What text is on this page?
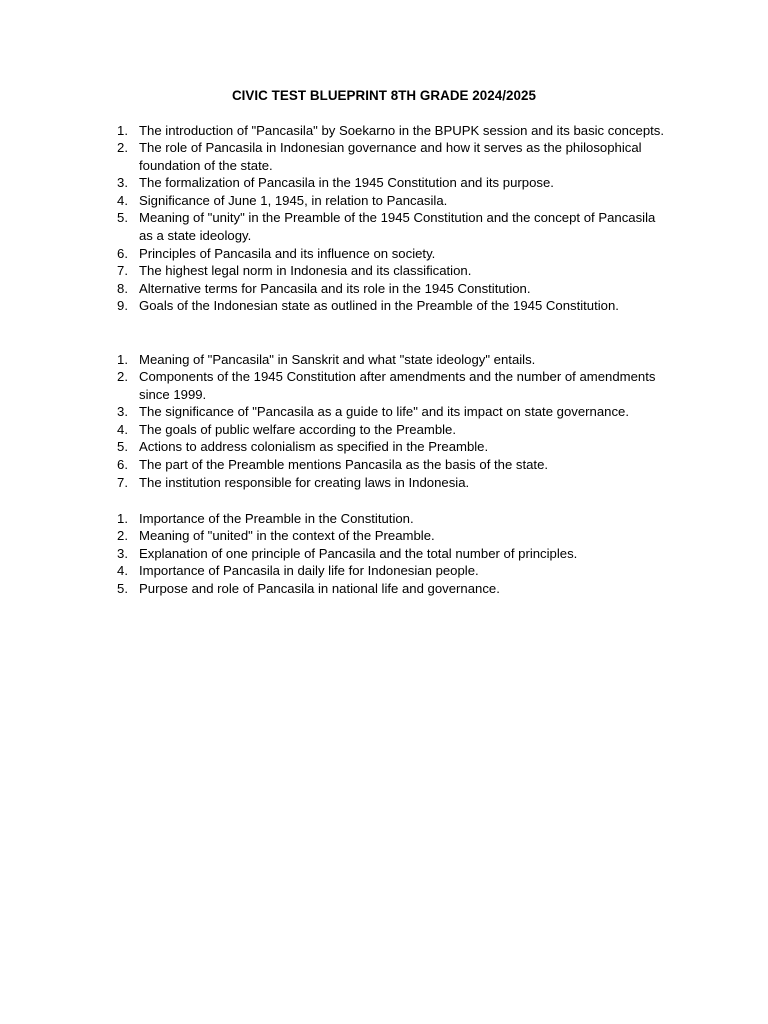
CIVIC TEST BLUEPRINT 8TH GRADE 2024/2025
1. The introduction of "Pancasila" by Soekarno in the BPUPK session and its basic concepts.
2. The role of Pancasila in Indonesian governance and how it serves as the philosophical foundation of the state.
3. The formalization of Pancasila in the 1945 Constitution and its purpose.
4. Significance of June 1, 1945, in relation to Pancasila.
5. Meaning of "unity" in the Preamble of the 1945 Constitution and the concept of Pancasila as a state ideology.
6. Principles of Pancasila and its influence on society.
7. The highest legal norm in Indonesia and its classification.
8. Alternative terms for Pancasila and its role in the 1945 Constitution.
9. Goals of the Indonesian state as outlined in the Preamble of the 1945 Constitution.
1. Meaning of "Pancasila" in Sanskrit and what "state ideology" entails.
2. Components of the 1945 Constitution after amendments and the number of amendments since 1999.
3. The significance of "Pancasila as a guide to life" and its impact on state governance.
4. The goals of public welfare according to the Preamble.
5. Actions to address colonialism as specified in the Preamble.
6. The part of the Preamble mentions Pancasila as the basis of the state.
7. The institution responsible for creating laws in Indonesia.
1. Importance of the Preamble in the Constitution.
2. Meaning of "united" in the context of the Preamble.
3. Explanation of one principle of Pancasila and the total number of principles.
4. Importance of Pancasila in daily life for Indonesian people.
5. Purpose and role of Pancasila in national life and governance.
